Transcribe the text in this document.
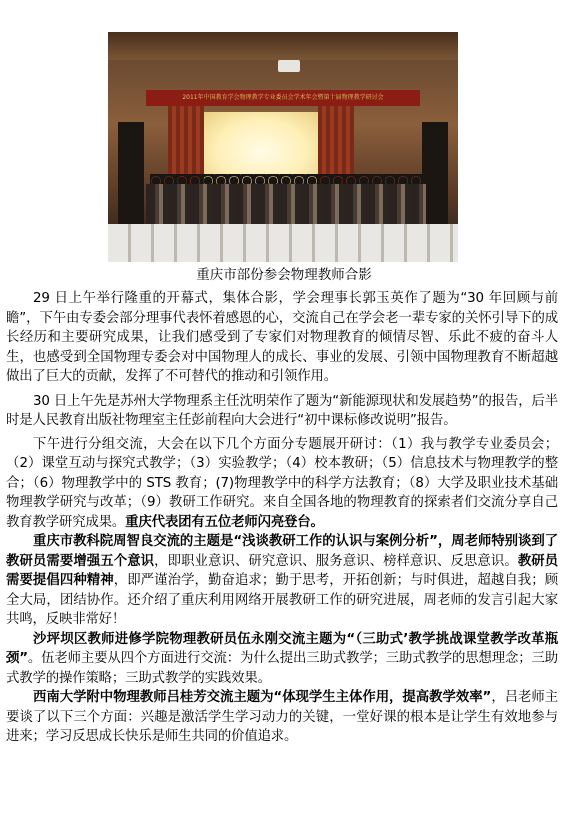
2011年中国教育学会物理教学专业委员会学术年会暨第十届物理教学研讨会
重庆市部份参会物理教师合影

29 日上午举行隆重的开幕式，集体合影，学会理事长郭玉英作了题为“30 年回顾与前瞻”，下午由专委会部分理事代表怀着感恩的心，交流自己在学会老一辈专家的关怀引导下的成长经历和主要研究成果，让我们感受到了专家们对物理教育的倾情尽智、乐此不疲的奋斗人生，也感受到全国物理专委会对中国物理人的成长、事业的发展、引领中国物理教育不断超越做出了巨大的贡献，发挥了不可替代的推动和引领作用。

30 日上午先是苏州大学物理系主任沈明荣作了题为“新能源现状和发展趋势”的报告，后半时是人民教育出版社物理室主任彭前程向大会进行“初中课标修改说明”报告。

下午进行分组交流，大会在以下几个方面分专题展开研讨：（1）我与教学专业委员会；（2）课堂互动与探究式教学；（3）实验教学；（4）校本教研；（5）信息技术与物理教学的整合；（6）物理教学中的 STS 教育；(7)物理教学中的科学方法教育；（8）大学及职业技术基础物理教学研究与改革；（9）教研工作研究。来自全国各地的物理教育的探索者们交流分享自己教育教学研究成果。重庆代表团有五位老师闪亮登台。

重庆市教科院周智良交流的主题是“浅谈教研工作的认识与案例分析”，周老师特别谈到了教研员需要增强五个意识，即职业意识、研究意识、服务意识、榜样意识、反思意识。教研员需要提倡四种精神，即严谨治学，勤奋追求；勤于思考，开拓创新；与时俱进，超越自我；顾全大局，团结协作。还介绍了重庆利用网络开展教研工作的研究进展，周老师的发言引起大家共鸣，反映非常好！

沙坪坝区教师进修学院物理教研员伍永刚交流主题为“（三助式’教学挑战课堂教学改革瓶颈”。伍老师主要从四个方面进行交流：为什么提出三助式教学；三助式教学的思想理念；三助式教学的操作策略；三助式教学的实践效果。

西南大学附中物理教师吕桂芳交流主题为“体现学生主体作用，提高教学效率”，吕老师主要谈了以下三个方面：兴趣是激活学生学习动力的关键，一堂好课的根本是让学生有效地参与进来；学习反思成长快乐是师生共同的价值追求。
